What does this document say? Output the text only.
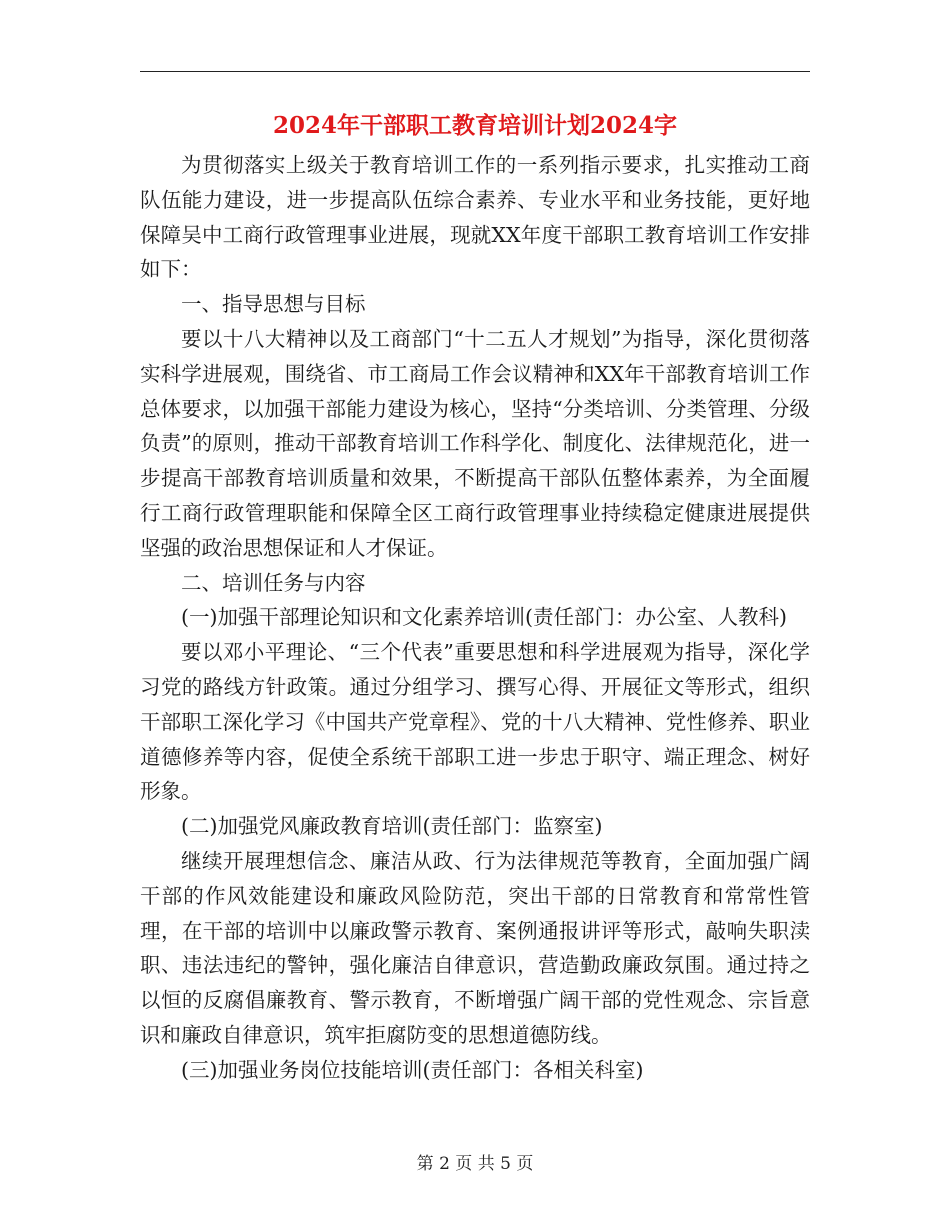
2024年干部职工教育培训计划2024字

为贯彻落实上级关于教育培训工作的一系列指示要求，扎实推动工商队伍能力建设，进一步提高队伍综合素养、专业水平和业务技能，更好地保障吴中工商行政管理事业进展，现就XX年度干部职工教育培训工作安排如下：

一、指导思想与目标

要以十八大精神以及工商部门“十二五人才规划”为指导，深化贯彻落实科学进展观，围绕省、市工商局工作会议精神和XX年干部教育培训工作总体要求，以加强干部能力建设为核心，坚持“分类培训、分类管理、分级负责”的原则，推动干部教育培训工作科学化、制度化、法律规范化，进一步提高干部教育培训质量和效果，不断提高干部队伍整体素养，为全面履行工商行政管理职能和保障全区工商行政管理事业持续稳定健康进展提供坚强的政治思想保证和人才保证。

二、培训任务与内容

(一)加强干部理论知识和文化素养培训(责任部门：办公室、人教科)

要以邓小平理论、“三个代表”重要思想和科学进展观为指导，深化学习党的路线方针政策。通过分组学习、撰写心得、开展征文等形式，组织干部职工深化学习《中国共产党章程》、党的十八大精神、党性修养、职业道德修养等内容，促使全系统干部职工进一步忠于职守、端正理念、树好形象。

(二)加强党风廉政教育培训(责任部门：监察室)

继续开展理想信念、廉洁从政、行为法律规范等教育，全面加强广阔干部的作风效能建设和廉政风险防范，突出干部的日常教育和常常性管理，在干部的培训中以廉政警示教育、案例通报讲评等形式，敲响失职渎职、违法违纪的警钟，强化廉洁自律意识，营造勤政廉政氛围。通过持之以恒的反腐倡廉教育、警示教育，不断增强广阔干部的党性观念、宗旨意识和廉政自律意识，筑牢拒腐防变的思想道德防线。

(三)加强业务岗位技能培训(责任部门：各相关科室)

第 2 页 共 5 页
